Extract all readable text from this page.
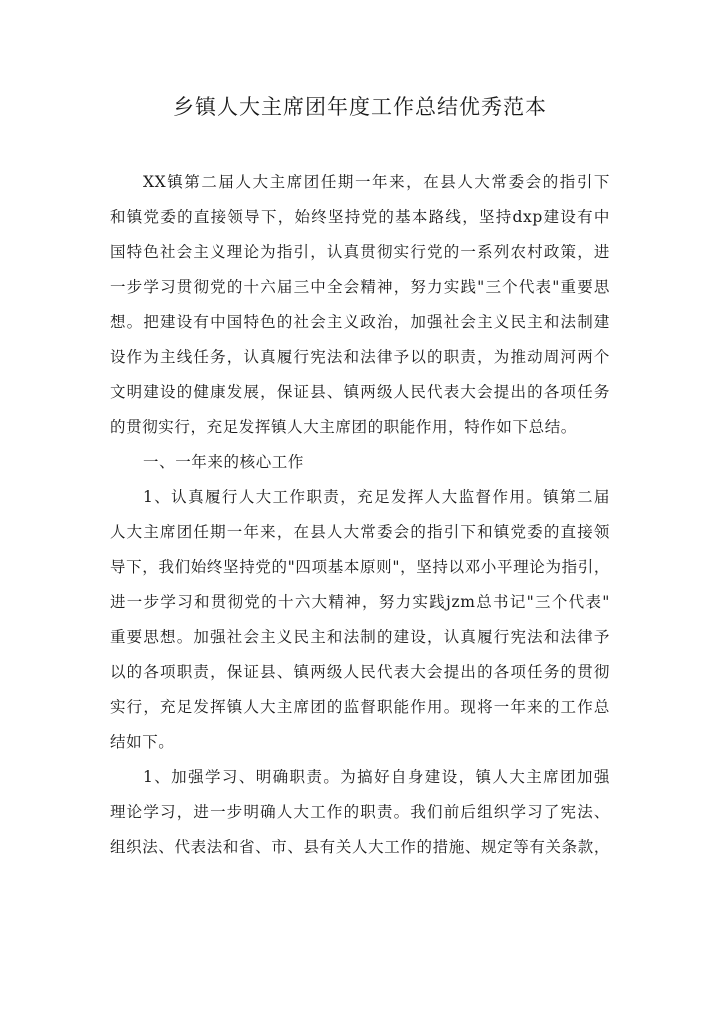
乡镇人大主席团年度工作总结优秀范本
XX镇第二届人大主席团任期一年来，在县人大常委会的指引下
和镇党委的直接领导下，始终坚持党的基本路线，坚持dxp建设有中
国特色社会主义理论为指引，认真贯彻实行党的一系列农村政策，进
一步学习贯彻党的十六届三中全会精神，努力实践"三个代表"重要思
想。把建设有中国特色的社会主义政治，加强社会主义民主和法制建
设作为主线任务，认真履行宪法和法律予以的职责，为推动周河两个
文明建设的健康发展，保证县、镇两级人民代表大会提出的各项任务
的贯彻实行，充足发挥镇人大主席团的职能作用，特作如下总结。
一、一年来的核心工作
1、认真履行人大工作职责，充足发挥人大监督作用。镇第二届
人大主席团任期一年来，在县人大常委会的指引下和镇党委的直接领
导下，我们始终坚持党的"四项基本原则"，坚持以邓小平理论为指引，
进一步学习和贯彻党的十六大精神，努力实践jzm总书记"三个代表"
重要思想。加强社会主义民主和法制的建设，认真履行宪法和法律予
以的各项职责，保证县、镇两级人民代表大会提出的各项任务的贯彻
实行，充足发挥镇人大主席团的监督职能作用。现将一年来的工作总
结如下。
1、加强学习、明确职责。为搞好自身建设，镇人大主席团加强
理论学习，进一步明确人大工作的职责。我们前后组织学习了宪法、
组织法、代表法和省、市、县有关人大工作的措施、规定等有关条款，
